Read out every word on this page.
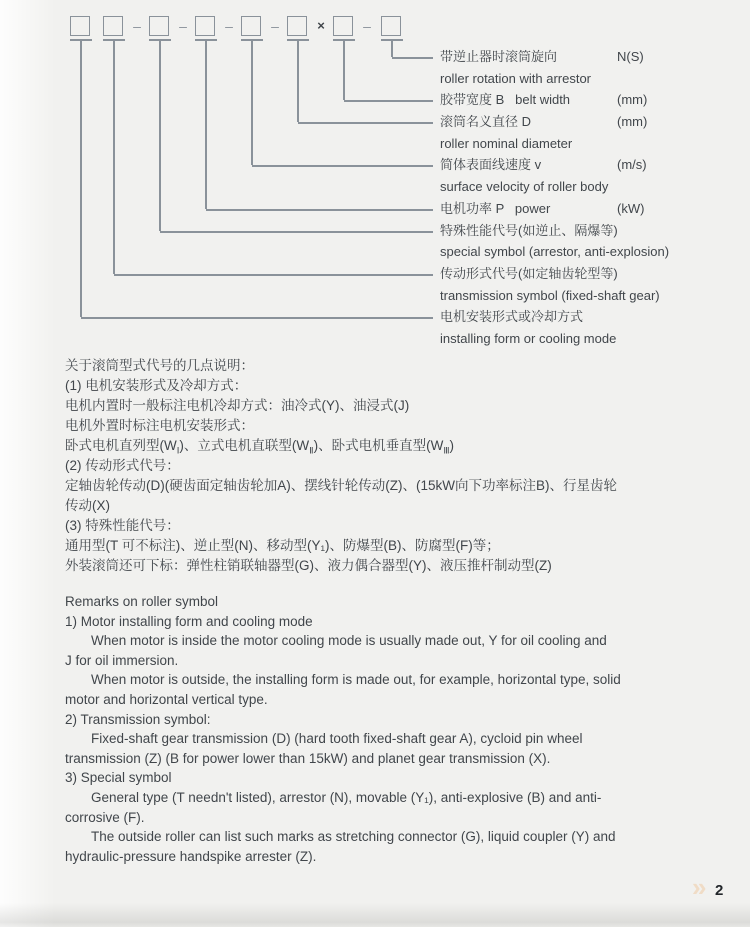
–	–	–	–	×	–
带逆止器时滚筒旋向	N(S)
roller rotation with arrestor
胶带宽度 B   belt width	(mm)
滚筒名义直径 D	(mm)
roller nominal diameter
简体表面线速度 v	(m/s)
surface velocity of roller body
电机功率 P   power	(kW)
特殊性能代号(如逆止、隔爆等)
special symbol (arrestor, anti-explosion)
传动形式代号(如定轴齿轮型等)
transmission symbol (fixed-shaft gear)
电机安装形式或冷却方式
installing form or cooling mode
关于滚筒型式代号的几点说明：
(1) 电机安装形式及冷却方式：
电机内置时一般标注电机冷却方式：油冷式(Y)、油浸式(J)
电机外置时标注电机安装形式：
卧式电机直列型$(W_Ⅰ)$、立式电机直联型$(W_Ⅱ)$、卧式电机垂直型$(W_Ⅲ)$
(2) 传动形式代号：
定轴齿轮传动(D)(硬齿面定轴齿轮加A)、摆线针轮传动(Z)、(15kW向下功率标注B)、行星齿轮
传动(X)
(3) 特殊性能代号：
通用型(T 可不标注)、逆止型(N)、移动型(Y₁)、防爆型(B)、防腐型(F)等；
外装滚筒还可下标：弹性柱销联轴器型(G)、液力偶合器型(Y)、液压推杆制动型(Z)
Remarks on roller symbol
1) Motor installing form and cooling mode
When motor is inside the motor cooling mode is usually made out, Y for oil cooling and
J for oil immersion.
When motor is outside, the installing form is made out, for example, horizontal type, solid
motor and horizontal vertical type.
2) Transmission symbol:
Fixed-shaft gear transmission (D) (hard tooth fixed-shaft gear A), cycloid pin wheel
transmission (Z) (B for power lower than 15kW) and planet gear transmission (X).
3) Special symbol
General type (T needn't listed), arrestor (N), movable (Y₁), anti-explosive (B) and anti-
corrosive (F).
The outside roller can list such marks as stretching connector (G), liquid coupler (Y) and
hydraulic-pressure handspike arrester (Z).
» 2
